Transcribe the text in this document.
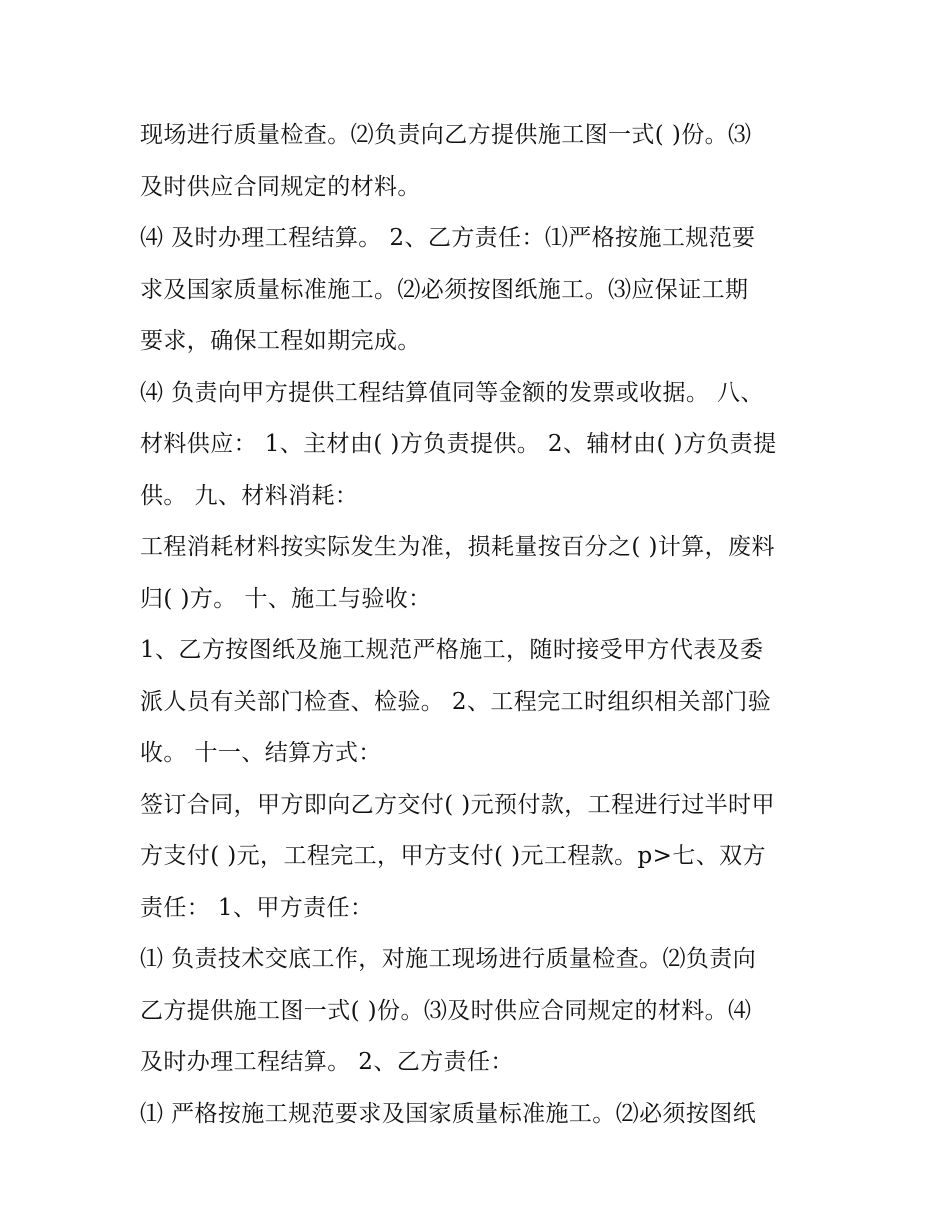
现场进行质量检查。⑵负责向乙方提供施工图一式( )份。⑶
及时供应合同规定的材料。
⑷ 及时办理工程结算。 2、乙方责任：⑴严格按施工规范要
求及国家质量标准施工。⑵必须按图纸施工。⑶应保证工期
要求，确保工程如期完成。
⑷ 负责向甲方提供工程结算值同等金额的发票或收据。 八、
材料供应： 1、主材由( )方负责提供。 2、辅材由( )方负责提
供。 九、材料消耗：
工程消耗材料按实际发生为准，损耗量按百分之( )计算，废料
归( )方。 十、施工与验收：
1、乙方按图纸及施工规范严格施工，随时接受甲方代表及委
派人员有关部门检查、检验。 2、工程完工时组织相关部门验
收。 十一、结算方式：
签订合同，甲方即向乙方交付( )元预付款，工程进行过半时甲
方支付( )元，工程完工，甲方支付( )元工程款。p>七、双方
责任： 1、甲方责任：
⑴ 负责技术交底工作，对施工现场进行质量检查。⑵负责向
乙方提供施工图一式( )份。⑶及时供应合同规定的材料。⑷
及时办理工程结算。 2、乙方责任：
⑴ 严格按施工规范要求及国家质量标准施工。⑵必须按图纸
